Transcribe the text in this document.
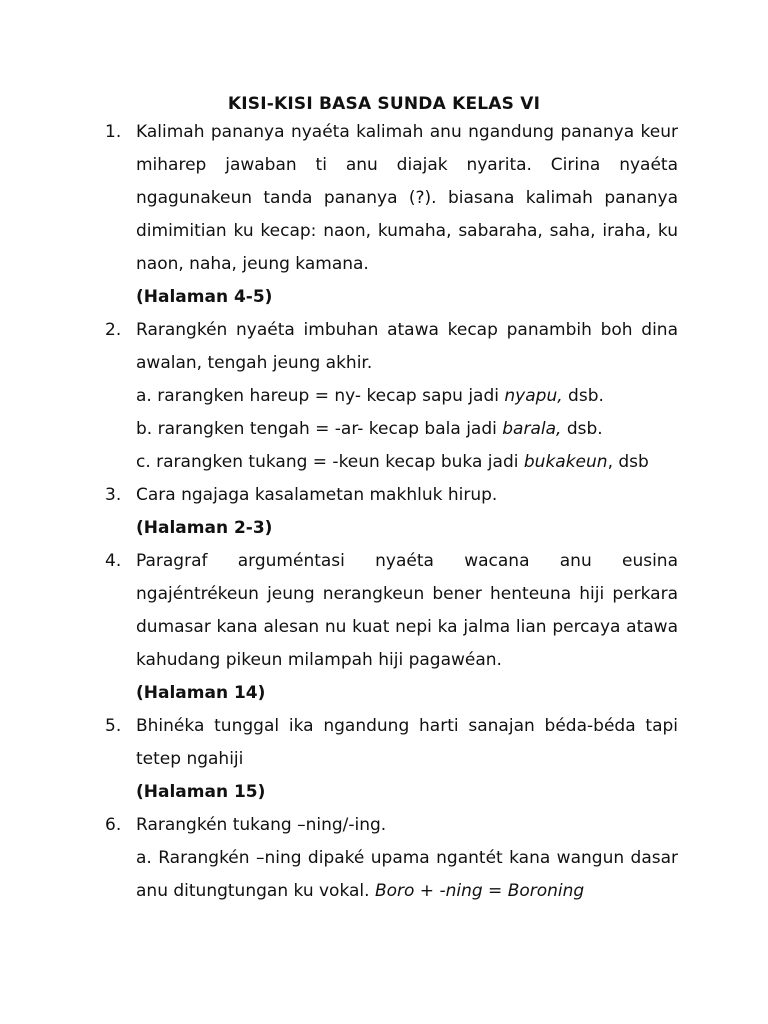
KISI-KISI BASA SUNDA KELAS VI
1. Kalimah pananya nyaéta kalimah anu ngandung pananya keur miharep jawaban ti anu diajak nyarita. Cirina nyaéta ngagunakeun tanda pananya (?). biasana kalimah pananya dimimitian ku kecap: naon, kumaha, sabaraha, saha, iraha, ku naon, naha, jeung kamana.

(Halaman 4-5)

2. Rarangkén nyaéta imbuhan atawa kecap panambih boh dina awalan, tengah jeung akhir.

a. rarangken hareup = ny- kecap sapu jadi nyapu, dsb.

b. rarangken tengah = -ar- kecap bala jadi barala, dsb.

c. rarangken tukang = -keun kecap buka jadi bukakeun, dsb

3. Cara ngajaga kasalametan makhluk hirup.

(Halaman 2-3)

4. Paragraf arguméntasi nyaéta wacana anu eusina ngajéntrékeun jeung nerangkeun bener henteuna hiji perkara dumasar kana alesan nu kuat nepi ka jalma lian percaya atawa kahudang pikeun milampah hiji pagawéan.

(Halaman 14)

5. Bhinéka tunggal ika ngandung harti sanajan béda-béda tapi tetep ngahiji

(Halaman 15)

6. Rarangkén tukang –ning/-ing.

a. Rarangkén –ning dipaké upama ngantét kana wangun dasar anu ditungtungan ku vokal. Boro + -ning = Boroning
